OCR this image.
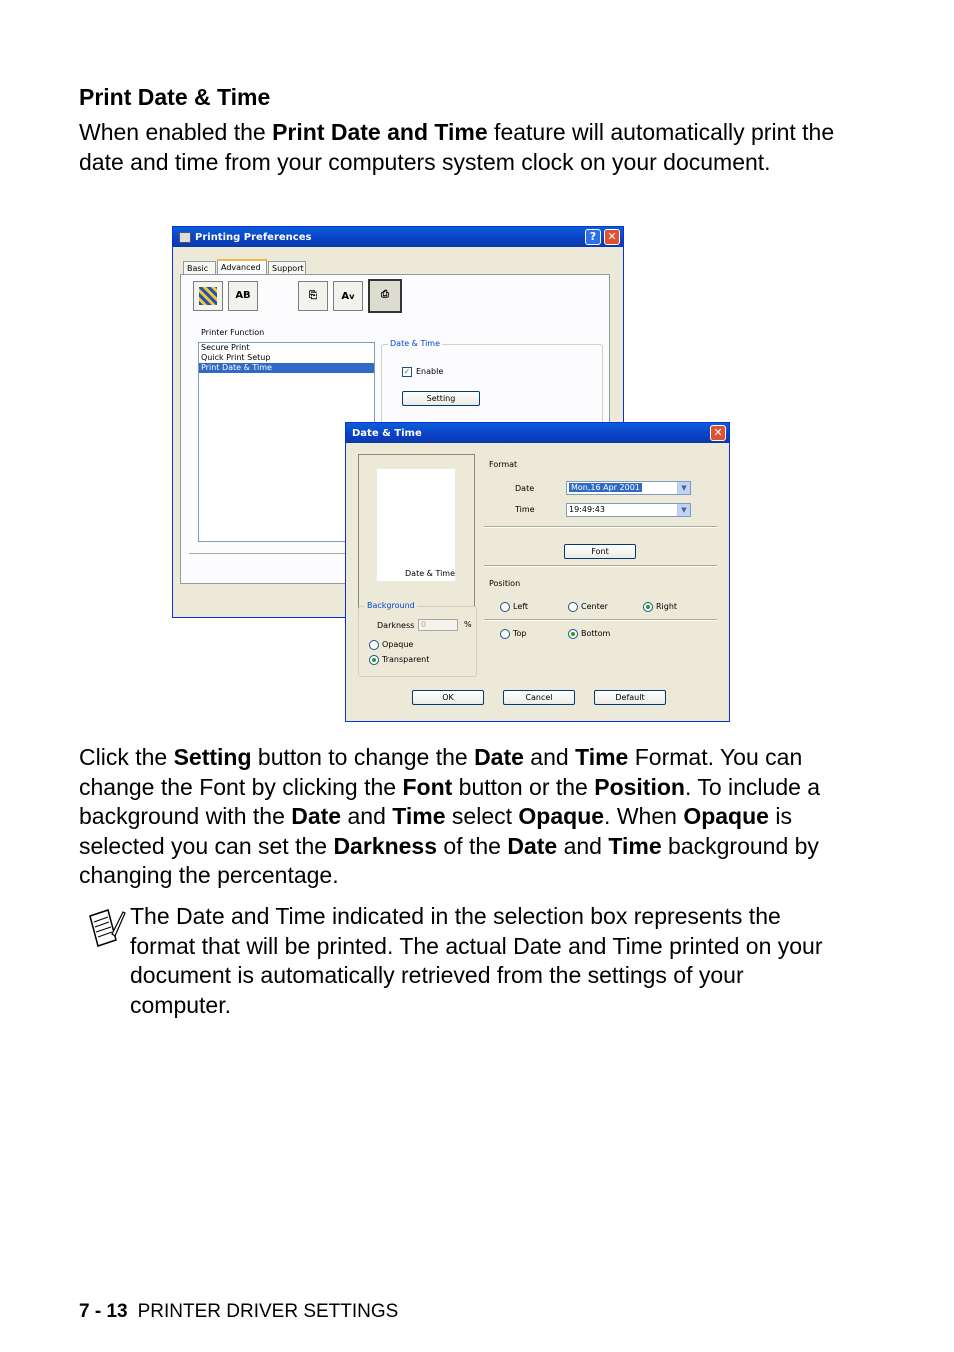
Print Date & Time

When enabled the Print Date and Time feature will automatically print the date and time from your computers system clock on your document.

Printing Preferences	?	✕
Basic	Advanced	Support
AB	⎘	Av	⎙
Printer Function
Secure Print
Quick Print Setup
Print Date & Time
Date & Time
✓ Enable
Setting
Date & Time	✕
Date & Time
Format
Date	Mon,16 Apr 2001	▼
Time	19:49:43	▼
Font
Position
Left	Center	Right
Top	Bottom
Background
Darkness 0	%
Opaque
Transparent
OK	Cancel	Default

Click the Setting button to change the Date and Time Format. You can change the Font by clicking the Font button or the Position. To include a background with the Date and Time select Opaque. When Opaque is selected you can set the Darkness of the Date and Time background by changing the percentage.

The Date and Time indicated in the selection box represents the format that will be printed. The actual Date and Time printed on your document is automatically retrieved from the settings of your computer.

7 - 13 PRINTER DRIVER SETTINGS
